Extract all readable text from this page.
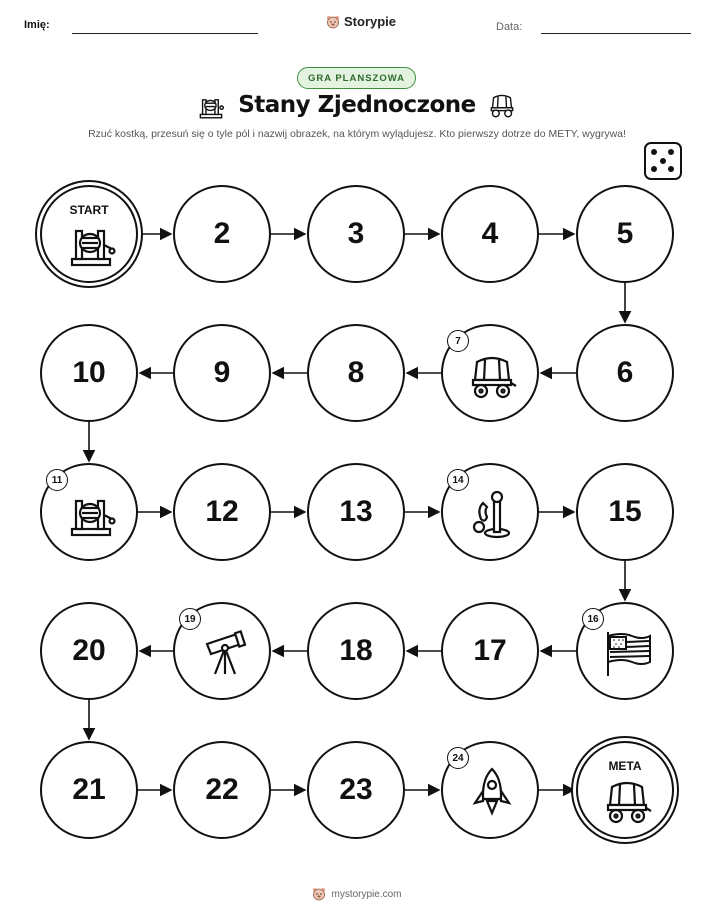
Imię:	Storypie	Data:
GRA PLANSZOWA
Stany Zjednoczone
Rzuć kostką, przesuń się o tyle pól i nazwij obrazek, na którym wylądujesz. Kto pierwszy dotrze do METY, wygrywa!
START
2	3	4	5
6
7
8
9
10
11
12	13
14
15
16
17
18
19
20
21	22	23
24
META
mystorypie.com
